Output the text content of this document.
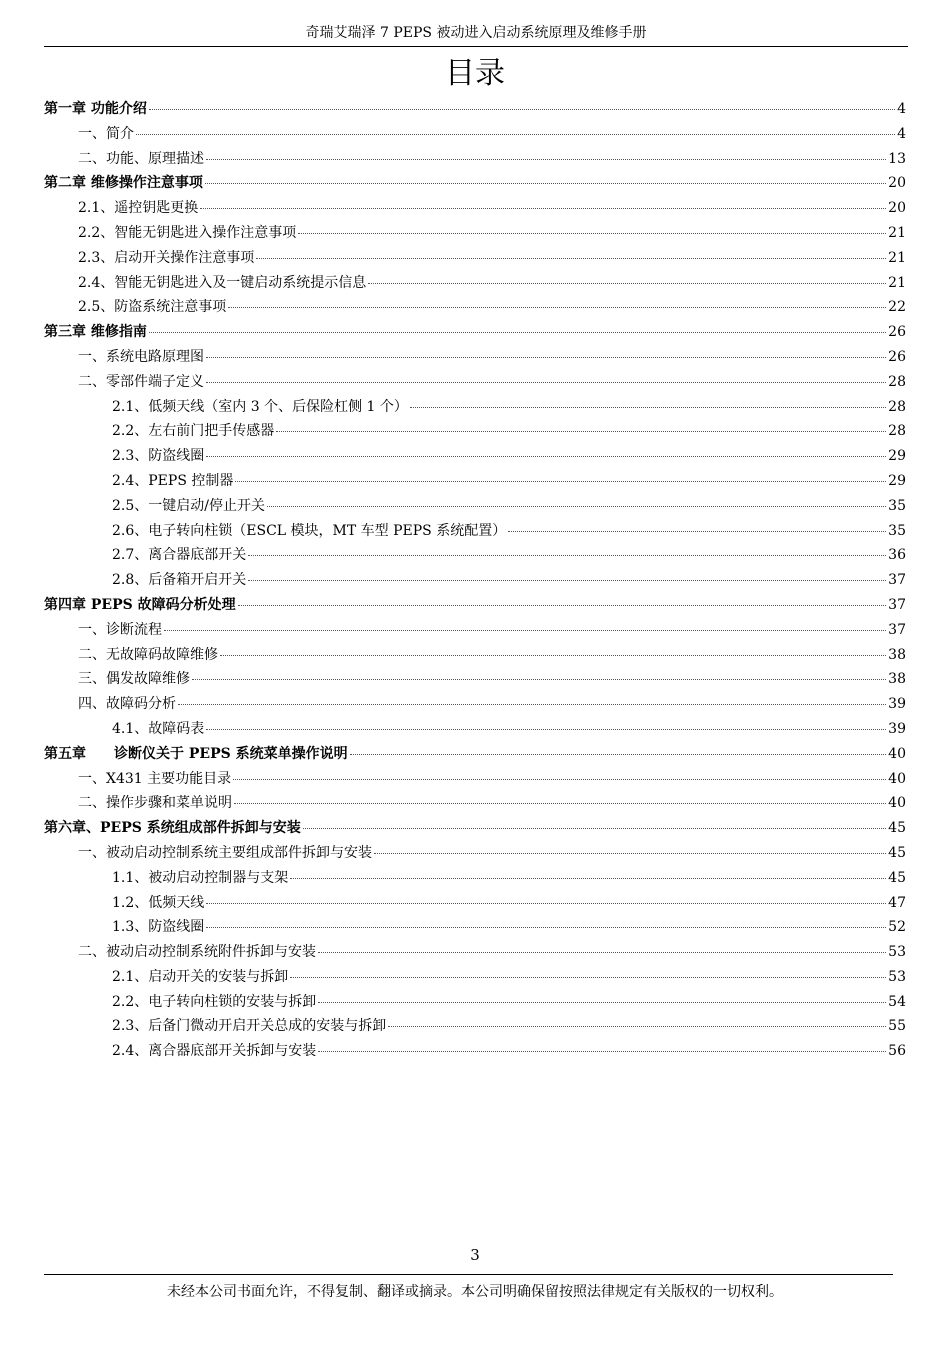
奇瑞艾瑞泽 7 PEPS 被动进入启动系统原理及维修手册
目录
第一章 功能介绍	4
一、简介	4
二、功能、原理描述	13
第二章 维修操作注意事项	20
2.1、遥控钥匙更换	20
2.2、智能无钥匙进入操作注意事项	21
2.3、启动开关操作注意事项	21
2.4、智能无钥匙进入及一键启动系统提示信息	21
2.5、防盗系统注意事项	22
第三章 维修指南	26
一、系统电路原理图	26
二、零部件端子定义	28
2.1、低频天线（室内 3 个、后保险杠侧 1 个）	28
2.2、左右前门把手传感器	28
2.3、防盗线圈	29
2.4、PEPS 控制器	29
2.5、一键启动/停止开关	35
2.6、电子转向柱锁（ESCL 模块，MT 车型 PEPS 系统配置）	35
2.7、离合器底部开关	36
2.8、后备箱开启开关	37
第四章 PEPS 故障码分析处理	37
一、诊断流程	37
二、无故障码故障维修	38
三、偶发故障维修	38
四、故障码分析	39
4.1、故障码表	39
第五章　　诊断仪关于 PEPS 系统菜单操作说明	40
一、X431 主要功能目录	40
二、操作步骤和菜单说明	40
第六章、PEPS 系统组成部件拆卸与安装	45
一、被动启动控制系统主要组成部件拆卸与安装	45
1.1、被动启动控制器与支架	45
1.2、低频天线	47
1.3、防盗线圈	52
二、被动启动控制系统附件拆卸与安装	53
2.1、启动开关的安装与拆卸	53
2.2、电子转向柱锁的安装与拆卸	54
2.3、后备门微动开启开关总成的安装与拆卸	55
2.4、离合器底部开关拆卸与安装	56
3
未经本公司书面允许，不得复制、翻译或摘录。本公司明确保留按照法律规定有关版权的一切权利。
